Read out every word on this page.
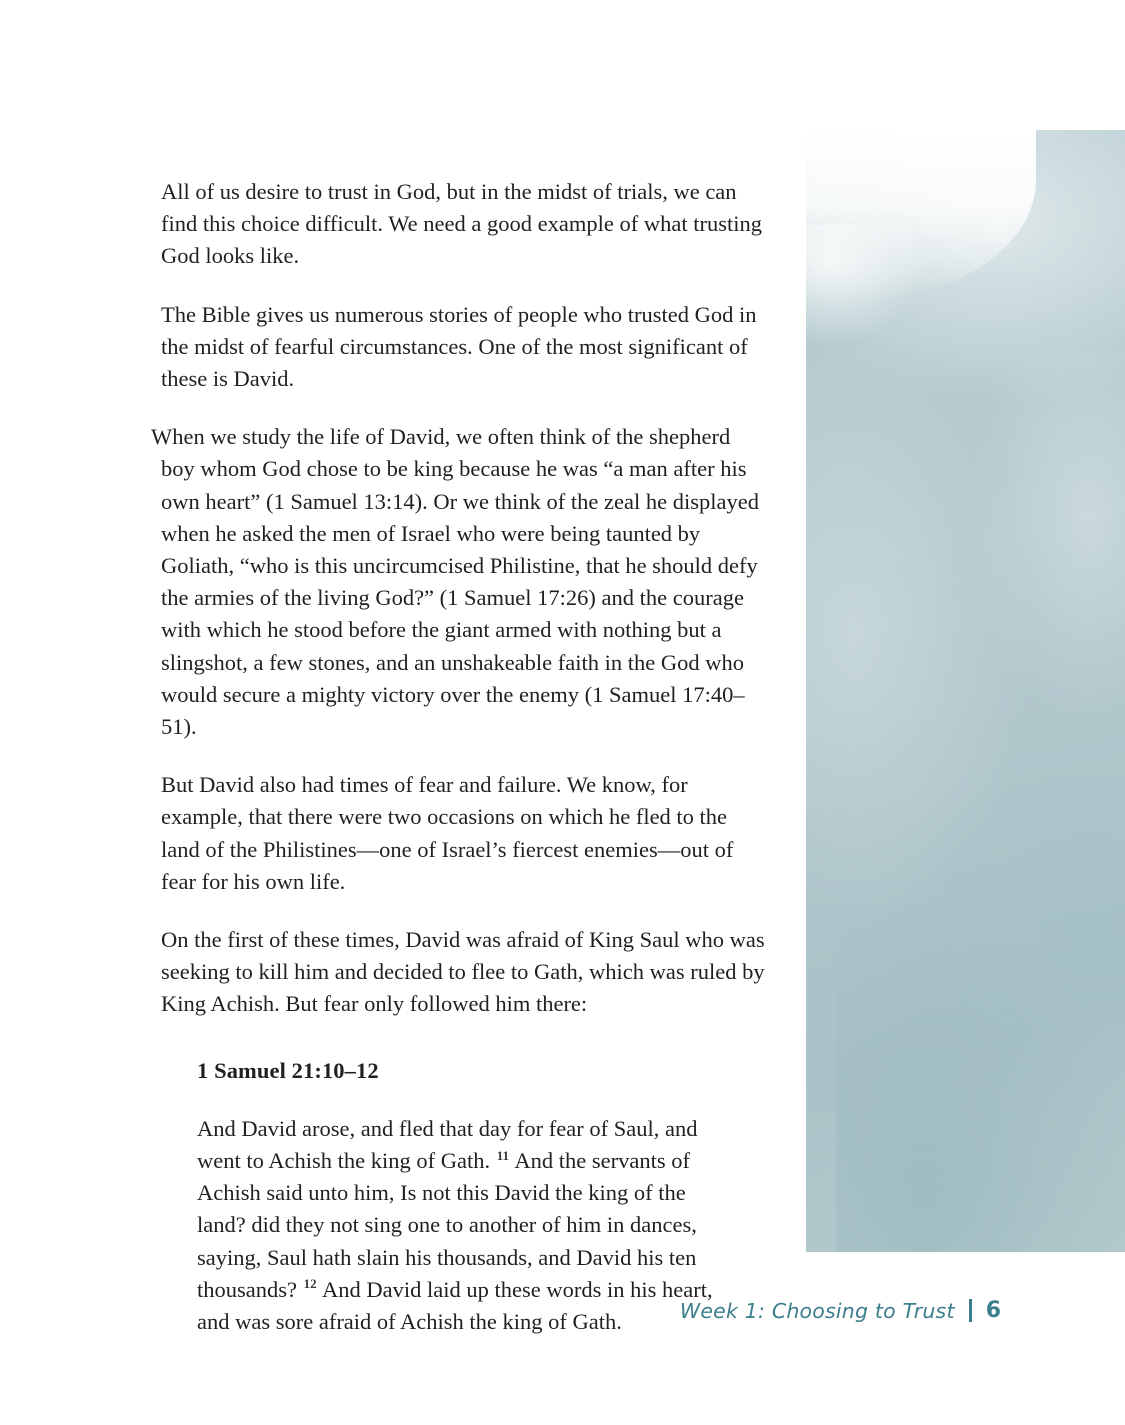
All of us desire to trust in God, but in the midst of trials, we can find this choice difficult. We need a good example of what trusting God looks like.

The Bible gives us numerous stories of people who trusted God in the midst of fearful circumstances. One of the most significant of these is David.

When we study the life of David, we often think of the shepherd boy whom God chose to be king because he was “a man after his own heart” (1 Samuel 13:14). Or we think of the zeal he displayed when he asked the men of Israel who were being taunted by Goliath, “who is this uncircumcised Philistine, that he should defy the armies of the living God?” (1 Samuel 17:26) and the courage with which he stood before the giant armed with nothing but a slingshot, a few stones, and an unshakeable faith in the God who would secure a mighty victory over the enemy (1 Samuel 17:40–51).

But David also had times of fear and failure. We know, for example, that there were two occasions on which he fled to the land of the Philistines—one of Israel’s fiercest enemies—out of fear for his own life.

On the first of these times, David was afraid of King Saul who was seeking to kill him and decided to flee to Gath, which was ruled by King Achish. But fear only followed him there:

1 Samuel 21:10–12

And David arose, and fled that day for fear of Saul, and went to Achish the king of Gath. $^{11}$ And the servants of Achish said unto him, Is not this David the king of the land? did they not sing one to another of him in dances, saying, Saul hath slain his thousands, and David his ten thousands? $^{12}$ And David laid up these words in his heart, and was sore afraid of Achish the king of Gath.	Week 1: Choosing to Trust 6
